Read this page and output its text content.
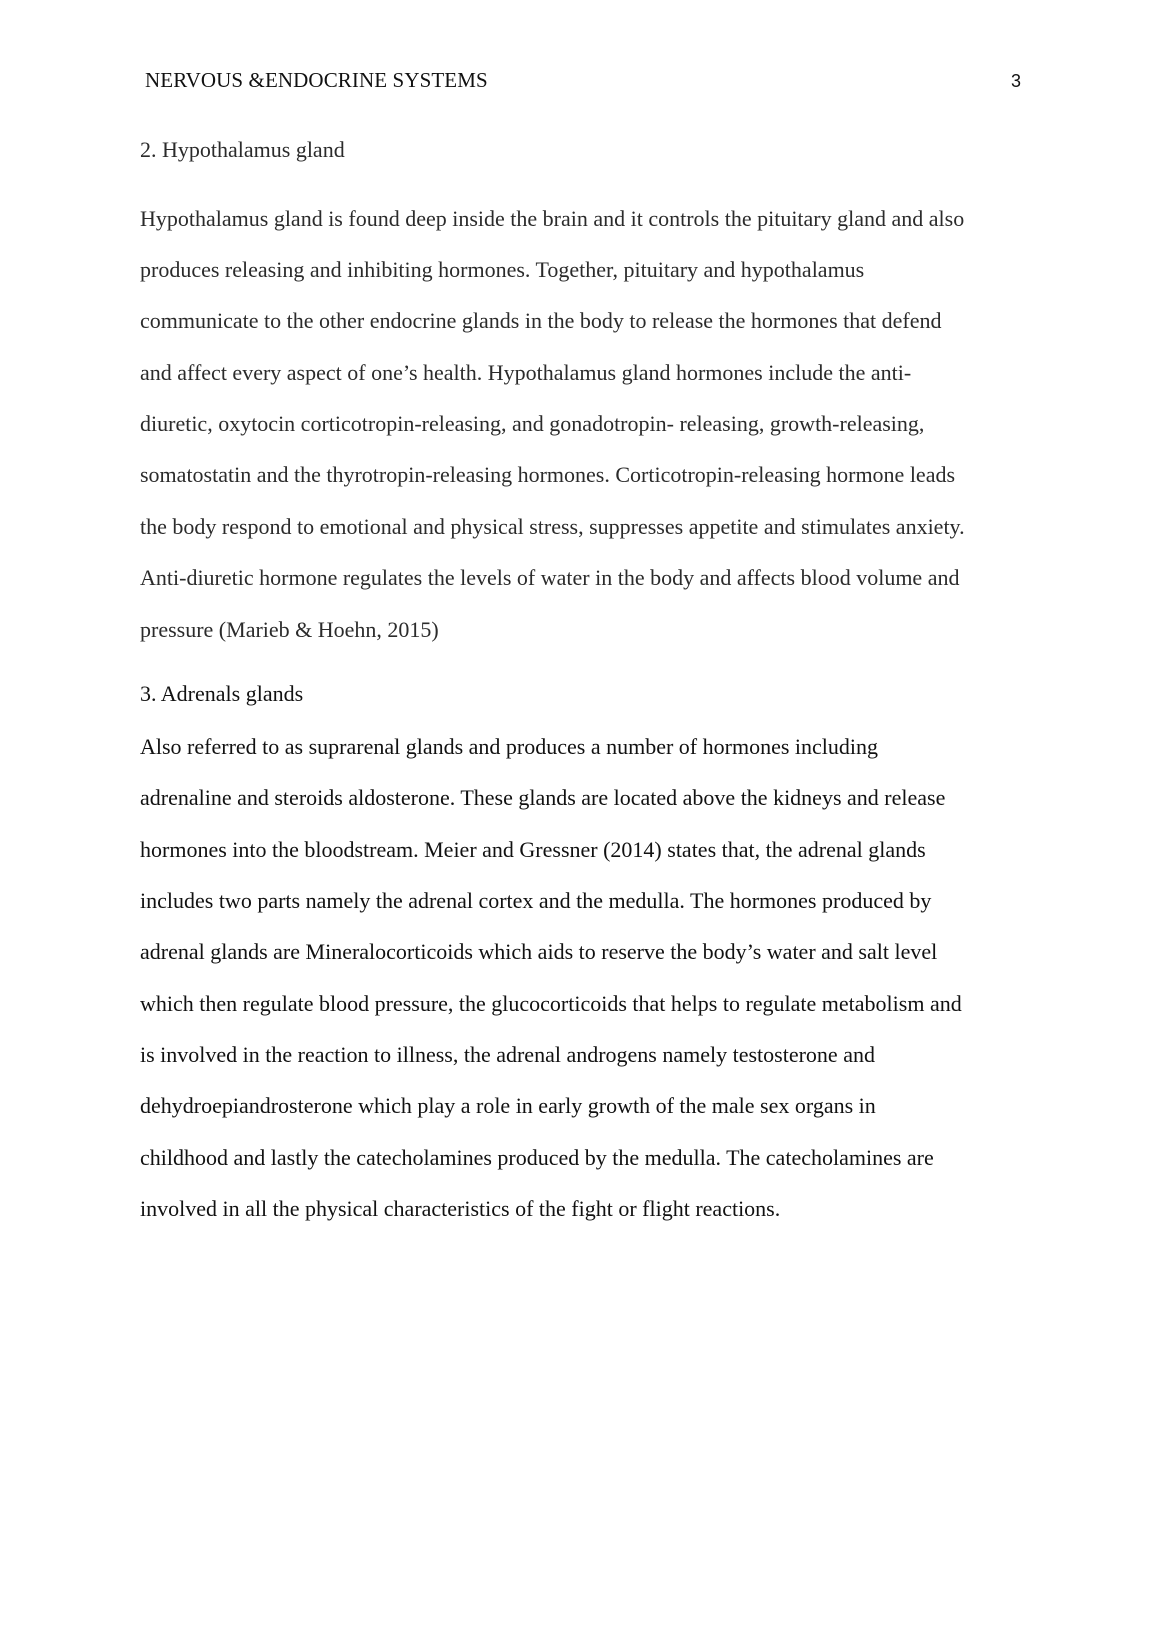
NERVOUS &ENDOCRINE SYSTEMS	3
2. Hypothalamus gland
Hypothalamus gland is found deep inside the brain and it controls the pituitary gland and also
produces releasing and inhibiting hormones. Together, pituitary and hypothalamus
communicate to the other endocrine glands in the body to release the hormones that defend
and affect every aspect of one’s health. Hypothalamus gland hormones include the anti-
diuretic, oxytocin corticotropin-releasing, and gonadotropin- releasing, growth-releasing,
somatostatin and the thyrotropin-releasing hormones. Corticotropin-releasing hormone leads
the body respond to emotional and physical stress, suppresses appetite and stimulates anxiety.
Anti-diuretic hormone regulates the levels of water in the body and affects blood volume and
pressure (Marieb & Hoehn, 2015)
3. Adrenals glands
Also referred to as suprarenal glands and produces a number of hormones including
adrenaline and steroids aldosterone. These glands are located above the kidneys and release
hormones into the bloodstream. Meier and Gressner (2014) states that, the adrenal glands
includes two parts namely the adrenal cortex and the medulla. The hormones produced by
adrenal glands are Mineralocorticoids which aids to reserve the body’s water and salt level
which then regulate blood pressure, the glucocorticoids that helps to regulate metabolism and
is involved in the reaction to illness, the adrenal androgens namely testosterone and
dehydroepiandrosterone which play a role in early growth of the male sex organs in
childhood and lastly the catecholamines produced by the medulla. The catecholamines are
involved in all the physical characteristics of the fight or flight reactions.
